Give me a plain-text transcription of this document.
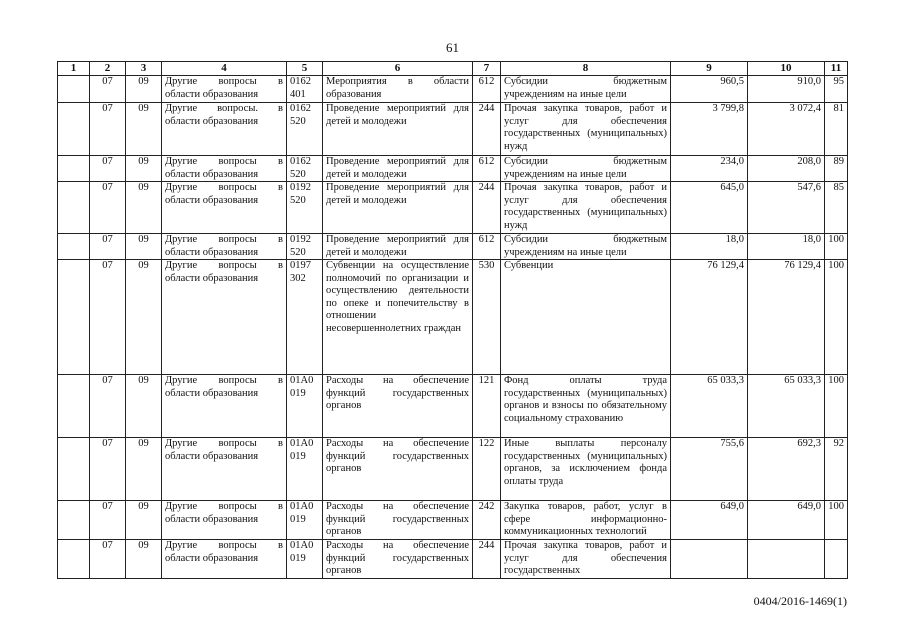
61
1	2	3	4	5	6	7	8	9	10	11
	07	09	Другие вопросы в области образования	0162 401	Мероприятия в области образования	612	Субсидии бюджетным учреждениям на иные цели	960,5	910,0	95
	07	09	Другие вопросы. в области образования	0162 520	Проведение мероприятий для детей и молодежи	244	Прочая закупка товаров, работ и услуг для обеспечения государственных (муниципальных) нужд	3 799,8	3 072,4	81
	07	09	Другие вопросы в области образования	0162 520	Проведение мероприятий для детей и молодежи	612	Субсидии бюджетным учреждениям на иные цели	234,0	208,0	89
	07	09	Другие вопросы в области образования	0192 520	Проведение мероприятий для детей и молодежи	244	Прочая закупка товаров, работ и услуг для обеспечения государственных (муниципальных) нужд	645,0	547,6	85
	07	09	Другие вопросы в области образования	0192 520	Проведение мероприятий для детей и молодежи	612	Субсидии бюджетным учреждениям на иные цели	18,0	18,0	100
	07	09	Другие вопросы в области образования	0197 302	Субвенции на осуществление полномочий по организации и осуществлению деятельности по опеке и попечительству в отношении несовершеннолетних граждан	530	Субвенции	76 129,4	76 129,4	100
	07	09	Другие вопросы в области образования	01А0 019	Расходы на обеспечение функций государственных органов	121	Фонд оплаты труда государственных (муниципальных) органов и взносы по обязательному социальному страхованию	65 033,3	65 033,3	100
	07	09	Другие вопросы в области образования	01А0 019	Расходы на обеспечение функций государственных органов	122	Иные выплаты персоналу государственных (муниципальных) органов, за исключением фонда оплаты труда	755,6	692,3	92
	07	09	Другие вопросы в области образования	01А0 019	Расходы на обеспечение функций государственных органов	242	Закупка товаров, работ, услуг в сфере информационно-коммуникационных технологий	649,0	649,0	100
	07	09	Другие вопросы в области образования	01А0 019	Расходы на обеспечение функций государственных органов	244	Прочая закупка товаров, работ и услуг для обеспечения государственных			
0404/2016-1469(1)
